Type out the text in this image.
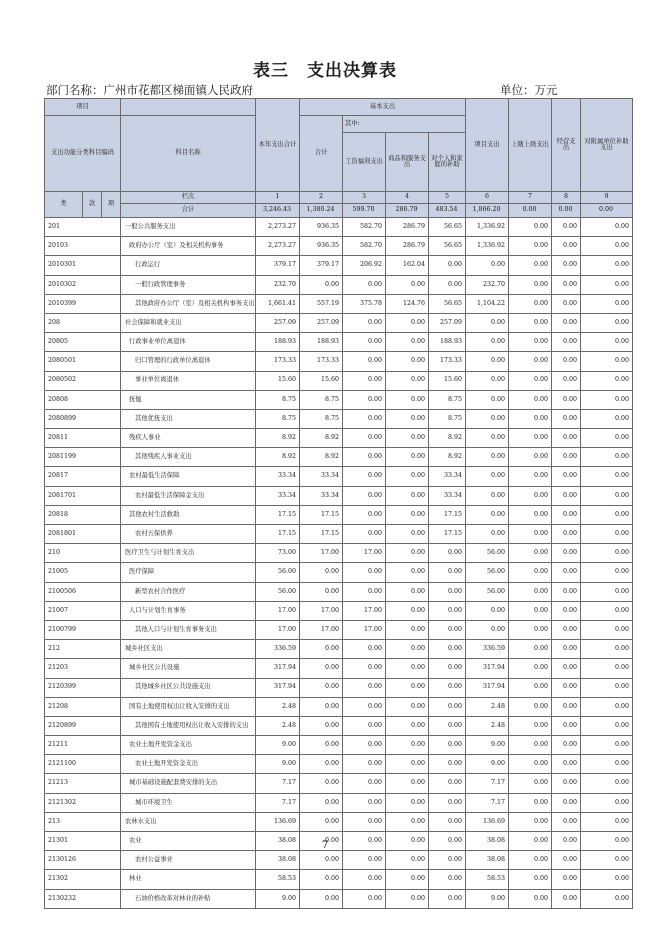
表三　支出决算表
部门名称：广州市花都区梯面镇人民政府	单位：万元
项目				本年支出合计	基本支出				项目支出	上缴上级支出	经营支出	对附属单位补助支出
支出功能分类科目编码			科目名称		合计	其中:						
						工资福利支出	商品和服务支出	对个人和家庭的补助				
类	款	项	栏次	1	2	3	4	5	6	7	8	9
			合计	3,246.43	1,380.24	599.70	286.79	483.54	1,866.20	0.00	0.00	0.00
201			一般公共服务支出	2,273.27	936.35	582.70	286.79	56.65	1,336.92	0.00	0.00	0.00
20103			政府办公厅（室）及相关机构事务	2,273.27	936.35	582.70	286.79	56.65	1,336.92	0.00	0.00	0.00
2010301			行政运行	379.17	379.17	206.92	162.04	0.00	0.00	0.00	0.00	0.00
2010302			一般行政管理事务	232.70	0.00	0.00	0.00	0.00	232.70	0.00	0.00	0.00
2010399			其他政府办公厅（室）及相关机构事务支出	1,661.41	557.19	375.78	124.76	56.65	1,104.22	0.00	0.00	0.00
208			社会保障和就业支出	257.09	257.09	0.00	0.00	257.09	0.00	0.00	0.00	0.00
20805			行政事业单位离退休	188.93	188.93	0.00	0.00	188.93	0.00	0.00	0.00	0.00
2080501			归口管理的行政单位离退休	173.33	173.33	0.00	0.00	173.33	0.00	0.00	0.00	0.00
2080502			事业单位离退休	15.60	15.60	0.00	0.00	15.60	0.00	0.00	0.00	0.00
20808			抚恤	8.75	8.75	0.00	0.00	8.75	0.00	0.00	0.00	0.00
2080899			其他优抚支出	8.75	8.75	0.00	0.00	8.75	0.00	0.00	0.00	0.00
20811			残疾人事业	8.92	8.92	0.00	0.00	8.92	0.00	0.00	0.00	0.00
2081199			其他残疾人事业支出	8.92	8.92	0.00	0.00	8.92	0.00	0.00	0.00	0.00
20817			农村最低生活保障	33.34	33.34	0.00	0.00	33.34	0.00	0.00	0.00	0.00
2081701			农村最低生活保障金支出	33.34	33.34	0.00	0.00	33.34	0.00	0.00	0.00	0.00
20818			其他农村生活救助	17.15	17.15	0.00	0.00	17.15	0.00	0.00	0.00	0.00
2081801			农村五保供养	17.15	17.15	0.00	0.00	17.15	0.00	0.00	0.00	0.00
210			医疗卫生与计划生育支出	73.00	17.00	17.00	0.00	0.00	56.00	0.00	0.00	0.00
21005			医疗保障	56.00	0.00	0.00	0.00	0.00	56.00	0.00	0.00	0.00
2100506			新型农村合作医疗	56.00	0.00	0.00	0.00	0.00	56.00	0.00	0.00	0.00
21007			人口与计划生育事务	17.00	17.00	17.00	0.00	0.00	0.00	0.00	0.00	0.00
2100799			其他人口与计划生育事务支出	17.00	17.00	17.00	0.00	0.00	0.00	0.00	0.00	0.00
212			城乡社区支出	336.59	0.00	0.00	0.00	0.00	336.59	0.00	0.00	0.00
21203			城乡社区公共设施	317.94	0.00	0.00	0.00	0.00	317.94	0.00	0.00	0.00
2120399			其他城乡社区公共设施支出	317.94	0.00	0.00	0.00	0.00	317.94	0.00	0.00	0.00
21208			国有土地使用权出让收入安排的支出	2.48	0.00	0.00	0.00	0.00	2.48	0.00	0.00	0.00
2120899			其他国有土地使用权出让收入安排的支出	2.48	0.00	0.00	0.00	0.00	2.48	0.00	0.00	0.00
21211			农业土地开发资金支出	9.00	0.00	0.00	0.00	0.00	9.00	0.00	0.00	0.00
2121100			农业土地开发资金支出	9.00	0.00	0.00	0.00	0.00	9.00	0.00	0.00	0.00
21213			城市基础设施配套费安排的支出	7.17	0.00	0.00	0.00	0.00	7.17	0.00	0.00	0.00
2121302			城市环境卫生	7.17	0.00	0.00	0.00	0.00	7.17	0.00	0.00	0.00
213			农林水支出	136.69	0.00	0.00	0.00	0.00	136.69	0.00	0.00	0.00
21301			农业	38.08	0.00	0.00	0.00	0.00	38.08	0.00	0.00	0.00
2130126			农村公益事业	38.08	0.00	0.00	0.00	0.00	38.08	0.00	0.00	0.00
21302			林业	58.53	0.00	0.00	0.00	0.00	58.53	0.00	0.00	0.00
2130232			石油价格改革对林业的补贴	9.00	0.00	0.00	0.00	0.00	9.00	0.00	0.00	0.00
7
